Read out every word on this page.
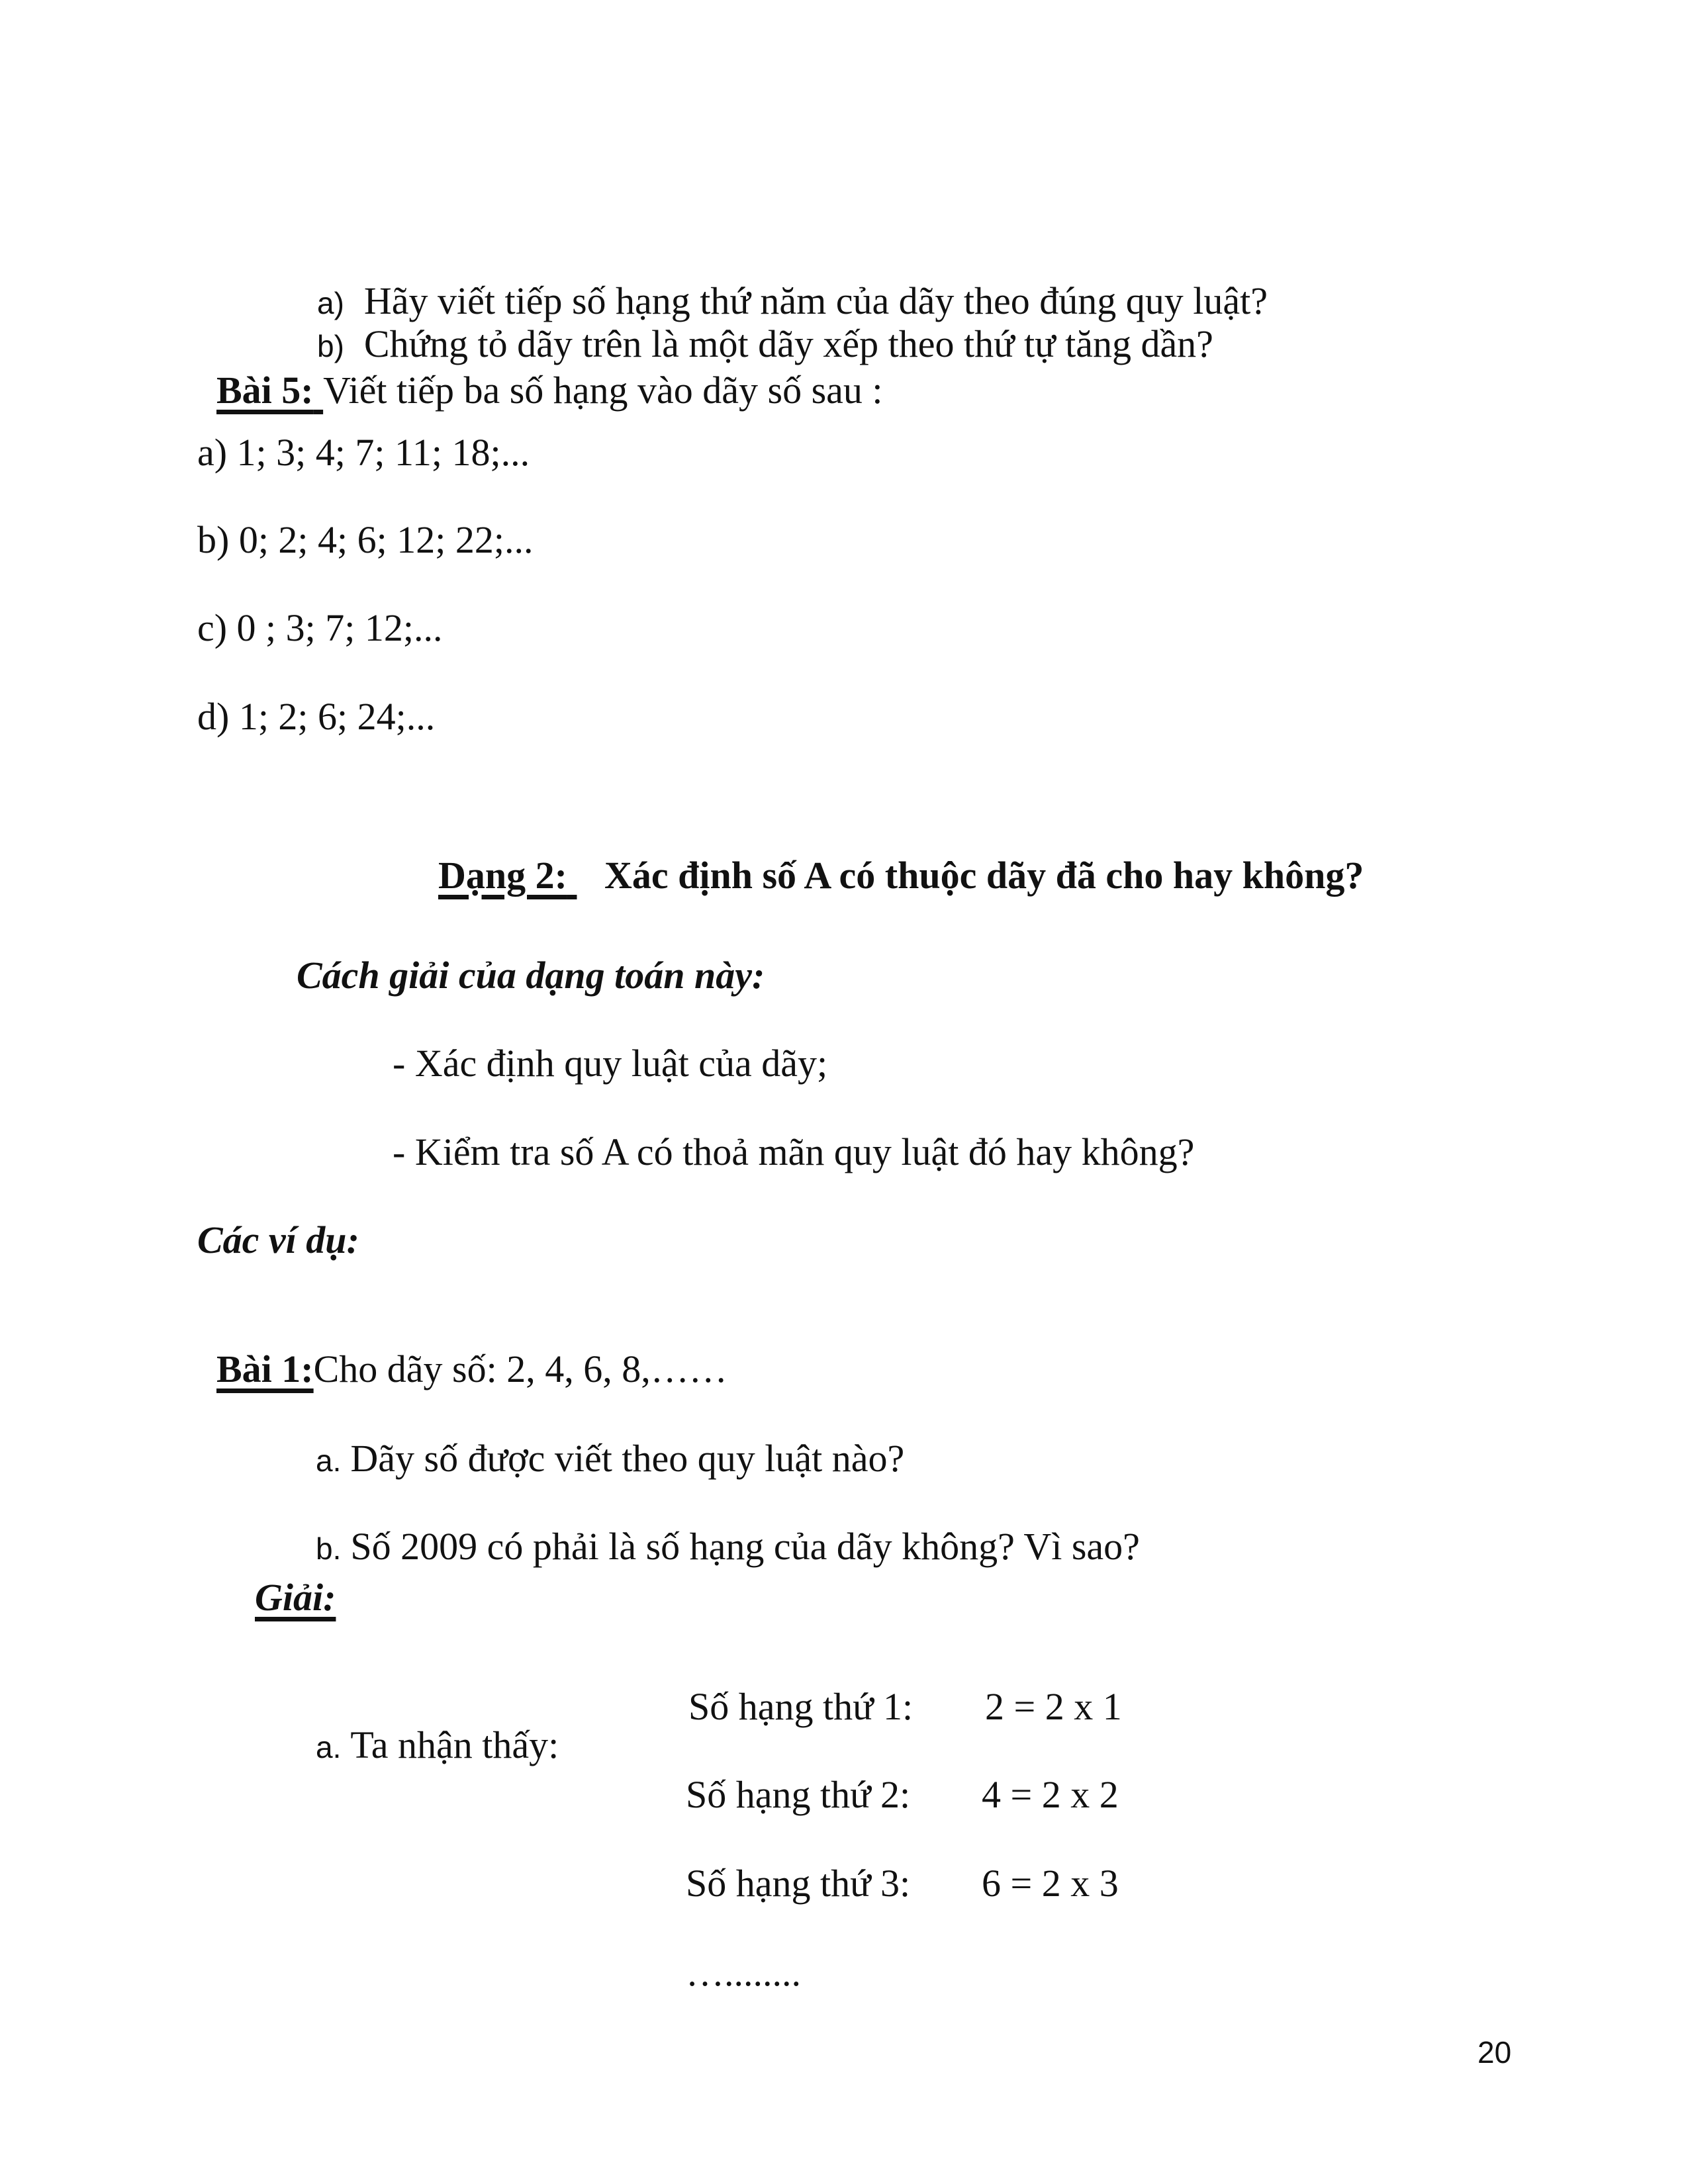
a) Hãy viết tiếp số hạng thứ năm của dãy theo đúng quy luật?

b) Chứng tỏ dãy trên là một dãy xếp theo thứ tự tăng dần?

Bài 5: Viết tiếp ba số hạng vào dãy số sau :

a) 1; 3; 4; 7; 11; 18;...
b) 0; 2; 4; 6; 12; 22;...
c) 0 ; 3; 7; 12;...
d) 1; 2; 6; 24;...

Dạng 2: Xác định số A có thuộc dãy đã cho hay không?

Cách giải của dạng toán này:
- Xác định quy luật của dãy;
- Kiểm tra số A có thoả mãn quy luật đó hay không?
Các ví dụ:

Bài 1:Cho dãy số: 2, 4, 6, 8,……

a. Dãy số được viết theo quy luật nào?

b. Số 2009 có phải là số hạng của dãy không? Vì sao?

Giải:

a. Ta nhận thấy:

Số hạng thứ 1: 2 = 2 x 1
Số hạng thứ 2: 4 = 2 x 2
Số hạng thứ 3: 6 = 2 x 3
…........
20
